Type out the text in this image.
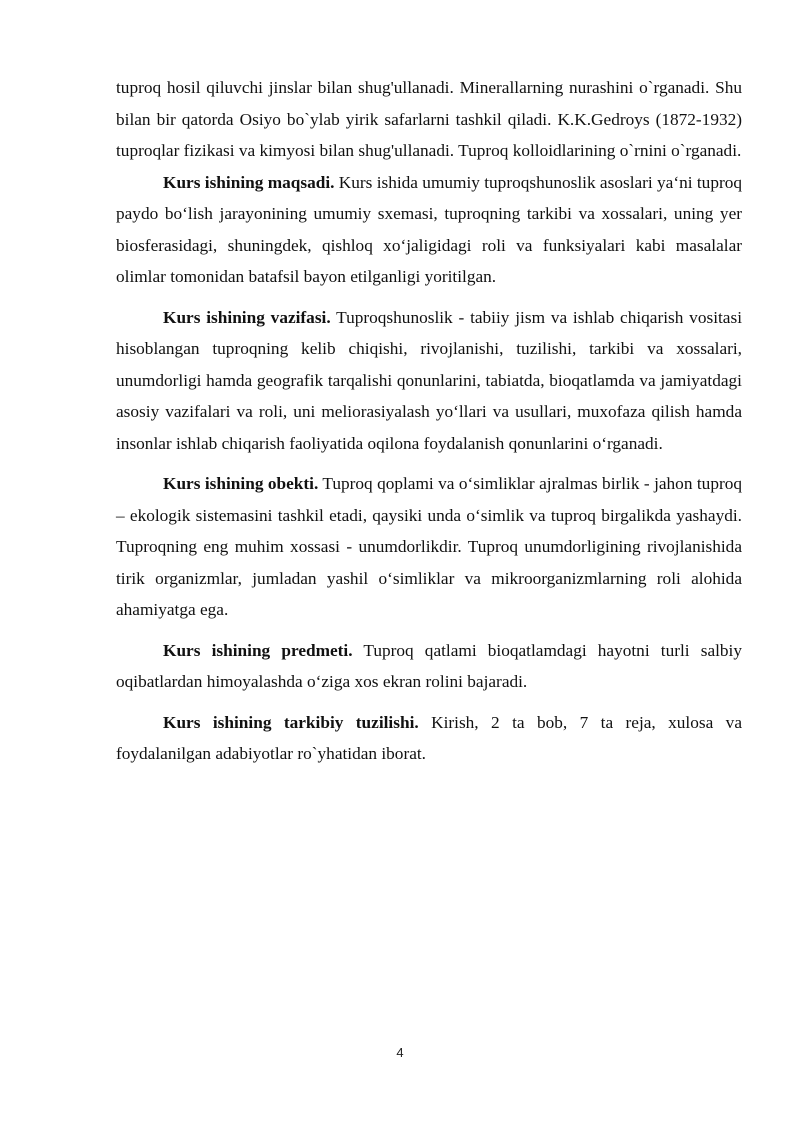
tuproq hosil qiluvchi jinslar bilan shug'ullanadi. Minerallarning nurashini o`rganadi. Shu bilan bir qatorda Osiyo bo`ylab yirik safarlarni tashkil qiladi. K.K.Gedroys (1872-1932) tuproqlar fizikasi va kimyosi bilan shug'ullanadi. Tuproq kolloidlarining o`rnini o`rganadi.

Kurs ishining maqsadi. Kurs ishida umumiy tuproqshunoslik asoslari ya‘ni tuproq paydo bo‘lish jarayonining umumiy sxemasi, tuproqning tarkibi va xossalari, uning yer biosferasidagi, shuningdek, qishloq xo‘jaligidagi roli va funksiyalari kabi masalalar olimlar tomonidan batafsil bayon etilganligi yoritilgan.

Kurs ishining vazifasi. Tuproqshunoslik - tabiiy jism va ishlab chiqarish vositasi hisoblangan tuproqning kelib chiqishi, rivojlanishi, tuzilishi, tarkibi va xossalari, unumdorligi hamda geografik tarqalishi qonunlarini, tabiatda, bioqatlamda va jamiyatdagi asosiy vazifalari va roli, uni meliorasiyalash yo‘llari va usullari, muxofaza qilish hamda insonlar ishlab chiqarish faoliyatida oqilona foydalanish qonunlarini o‘rganadi.

Kurs ishining obekti. Tuproq qoplami va o‘simliklar ajralmas birlik - jahon tuproq – ekologik sistemasini tashkil etadi, qaysiki unda o‘simlik va tuproq birgalikda yashaydi. Tuproqning eng muhim xossasi - unumdorlikdir. Tuproq unumdorligining rivojlanishida tirik organizmlar, jumladan yashil o‘simliklar va mikroorganizmlarning roli alohida ahamiyatga ega.

Kurs ishining predmeti. Tuproq qatlami bioqatlamdagi hayotni turli salbiy oqibatlardan himoyalashda o‘ziga xos ekran rolini bajaradi.

Kurs ishining tarkibiy tuzilishi. Kirish, 2 ta bob, 7 ta reja, xulosa va foydalanilgan adabiyotlar ro`yhatidan iborat.

4
